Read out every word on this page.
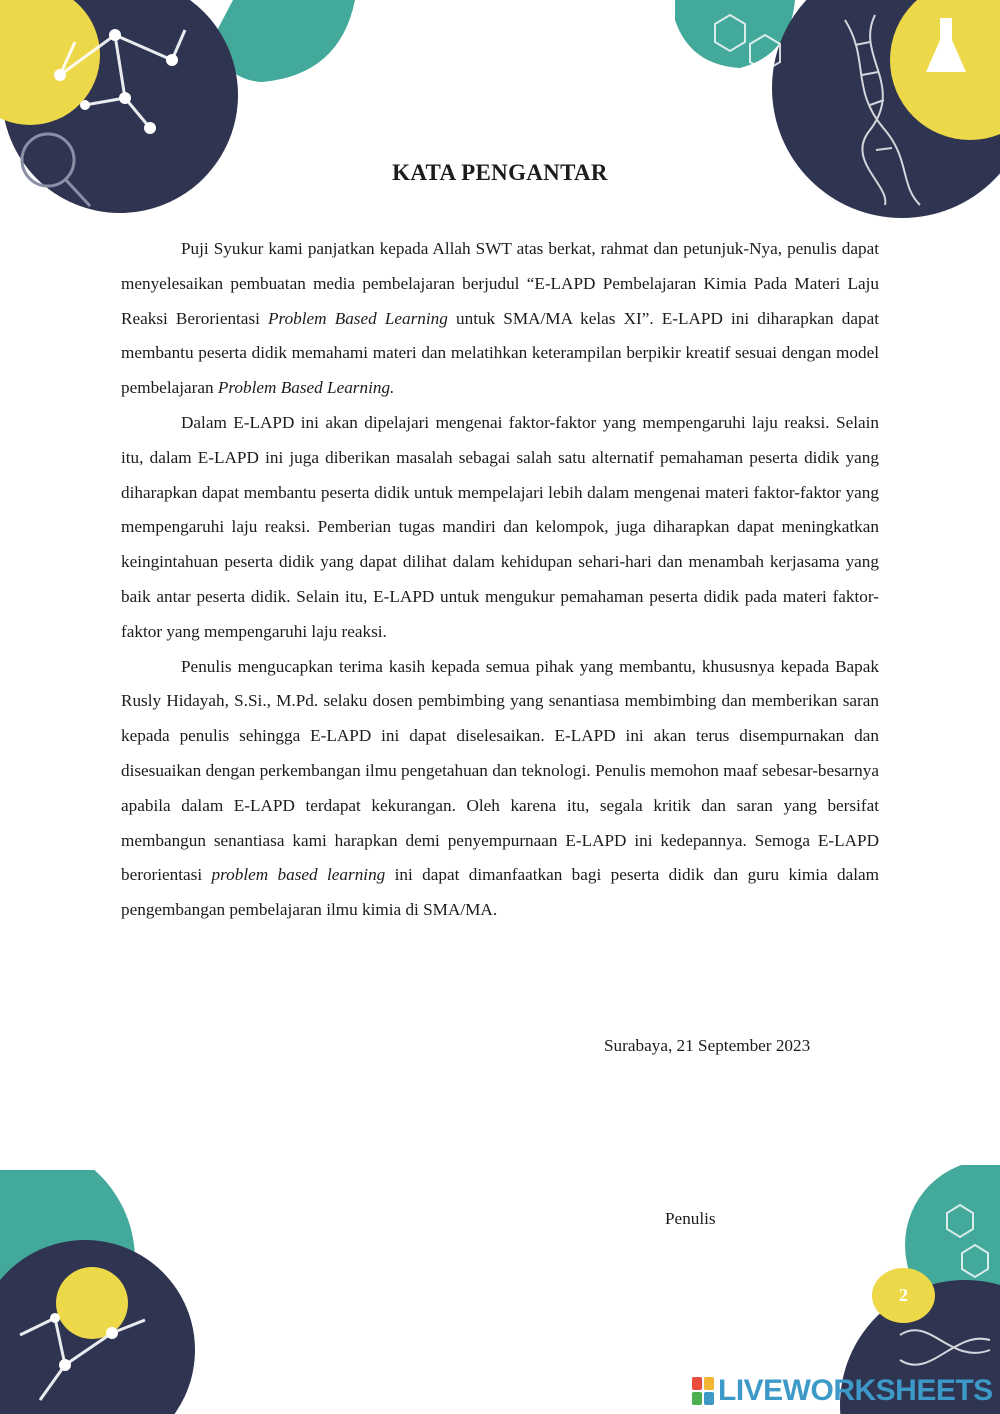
KATA PENGANTAR

Puji Syukur kami panjatkan kepada Allah SWT atas berkat, rahmat dan petunjuk-Nya, penulis dapat menyelesaikan pembuatan media pembelajaran berjudul “E-LAPD Pembelajaran Kimia Pada Materi Laju Reaksi Berorientasi Problem Based Learning untuk SMA/MA kelas XI”. E-LAPD ini diharapkan dapat membantu peserta didik memahami materi dan melatihkan keterampilan berpikir kreatif sesuai dengan model pembelajaran Problem Based Learning.

Dalam E-LAPD ini akan dipelajari mengenai faktor-faktor yang mempengaruhi laju reaksi. Selain itu, dalam E-LAPD ini juga diberikan masalah sebagai salah satu alternatif pemahaman peserta didik yang diharapkan dapat membantu peserta didik untuk mempelajari lebih dalam mengenai materi faktor-faktor yang mempengaruhi laju reaksi. Pemberian tugas mandiri dan kelompok, juga diharapkan dapat meningkatkan keingintahuan peserta didik yang dapat dilihat dalam kehidupan sehari-hari dan menambah kerjasama yang baik antar peserta didik. Selain itu, E-LAPD untuk mengukur pemahaman peserta didik pada materi faktor-faktor yang mempengaruhi laju reaksi.

Penulis mengucapkan terima kasih kepada semua pihak yang membantu, khususnya kepada Bapak Rusly Hidayah, S.Si., M.Pd. selaku dosen pembimbing yang senantiasa membimbing dan memberikan saran kepada penulis sehingga E-LAPD ini dapat diselesaikan. E-LAPD ini akan terus disempurnakan dan disesuaikan dengan perkembangan ilmu pengetahuan dan teknologi. Penulis memohon maaf sebesar-besarnya apabila dalam E-LAPD terdapat kekurangan. Oleh karena itu, segala kritik dan saran yang bersifat membangun senantiasa kami harapkan demi penyempurnaan E-LAPD ini kedepannya. Semoga E-LAPD berorientasi problem based learning ini dapat dimanfaatkan bagi peserta didik dan guru kimia dalam pengembangan pembelajaran ilmu kimia di SMA/MA.

Surabaya, 21 September 2023
Penulis
2
LIVEWORKSHEETS
